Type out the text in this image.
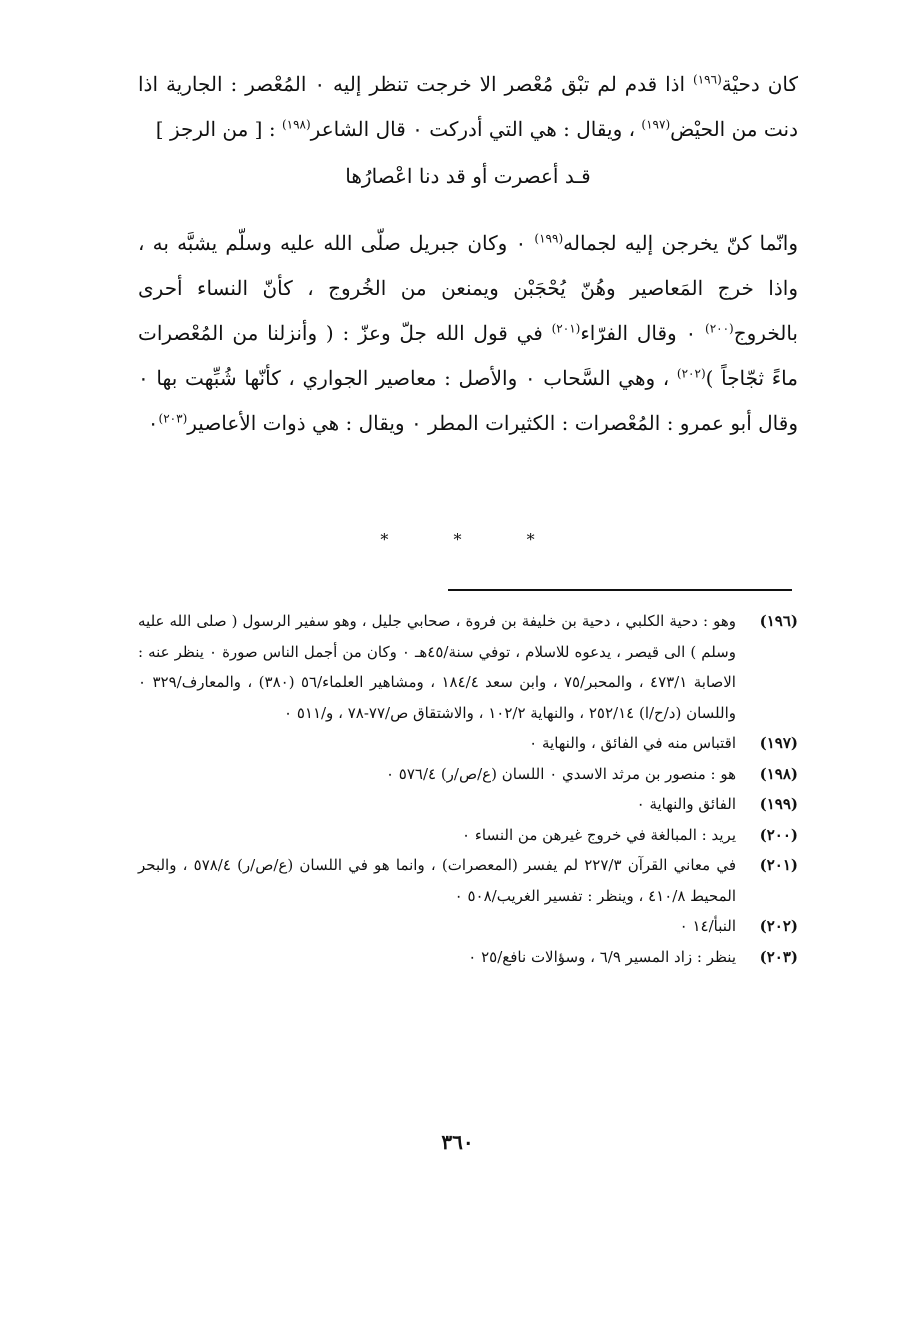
كان دحيْة$^{(١٩٦)}$ اذا قدم لم تبْق مُعْصر الا خرجت تنظر إليه ٠ المُعْصر : الجارية اذا دنت من الحيْض$^{(١٩٧)}$ ، ويقال : هي التي أدركت ٠ قال الشاعر$^{(١٩٨)}$ : [ من الرجز ]

قـد أعصرت أو قد دنا اعْصارُها

وانّما كنّ يخرجن إليه لجماله$^{(١٩٩)}$ ٠ وكان جبريل صلّى الله عليه وسلّم يشبَّه به ، واذا خرج المَعاصير وهُنّ يُحْجَبْن ويمنعن من الخُروج ، كأنّ النساء أحرى بالخروج$^{(٢٠٠)}$ ٠ وقال الفرّاء$^{(٢٠١)}$ في قول الله جلّ وعزّ : ( وأنزلنا من المُعْصرات ماءً ثجّاجاً )$^{(٢٠٢)}$ ، وهي السَّحاب ٠ والأصل : معاصير الجواري ، كأنّها شُبِّهت بها ٠ وقال أبو عمرو : المُعْصرات : الكثيرات المطر ٠ ويقال : هي ذوات الأعاصير$^{(٢٠٣)}$٠

*	*	*
(١٩٦)
وهو : دحية الكلبي ، دحية بن خليفة بن فروة ، صحابي جليل ، وهو سفير الرسول ( صلى الله عليه وسلم ) الى قيصر ، يدعوه للاسلام ، توفي سنة/٤٥هـ ٠ وكان من أجمل الناس صورة ٠ ينظر عنه : الاصابة ٤٧٣/١ ، والمحبر/٧٥ ، وابن سعد ١٨٤/٤ ، ومشاهير العلماء/٥٦ (٣٨٠) ، والمعارف/٣٢٩ ٠ واللسان (د/ح/ا) ٢٥٢/١٤ ، والنهاية ١٠٢/٢ ، والاشتقاق ص/٧٧-٧٨ ، و/٥١١ ٠
(١٩٧)
اقتباس منه في الفائق ، والنهاية ٠
(١٩٨)
هو : منصور بن مرثد الاسدي ٠ اللسان (ع/ص/ر) ٥٧٦/٤ ٠
(١٩٩)
الفائق والنهاية ٠
(٢٠٠)
يريد : المبالغة في خروج غيرهن من النساء ٠
(٢٠١)
في معاني القرآن ٢٢٧/٣ لم يفسر (المعصرات) ، وانما هو في اللسان (ع/ص/ر) ٥٧٨/٤ ، والبحر المحيط ٤١٠/٨ ، وينظر : تفسير الغريب/٥٠٨ ٠
(٢٠٢)
النبأ/١٤ ٠
(٢٠٣)
ينظر : زاد المسير ٦/٩ ، وسؤالات نافع/٢٥ ٠
٣٦٠
